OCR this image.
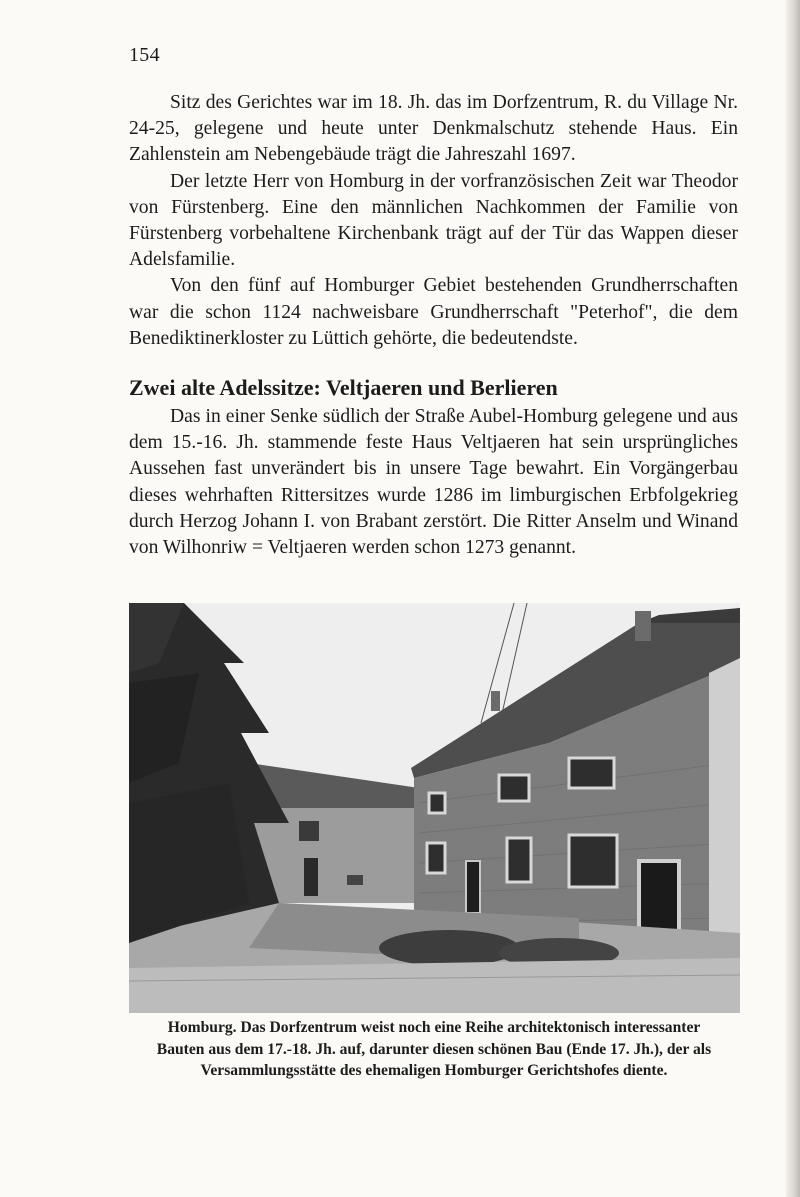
154

Sitz des Gerichtes war im 18. Jh. das im Dorfzentrum, R. du Village Nr. 24-25, gelegene und heute unter Denkmalschutz stehende Haus. Ein Zahlenstein am Nebengebäude trägt die Jahreszahl 1697.

Der letzte Herr von Homburg in der vorfranzösischen Zeit war Theodor von Fürstenberg. Eine den männlichen Nachkommen der Familie von Fürstenberg vorbehaltene Kirchenbank trägt auf der Tür das Wappen dieser Adelsfamilie.

Von den fünf auf Homburger Gebiet bestehenden Grundherrschaften war die schon 1124 nachweisbare Grundherrschaft "Peterhof", die dem Benediktinerkloster zu Lüttich gehörte, die bedeutendste.

Zwei alte Adelssitze: Veltjaeren und Berlieren

Das in einer Senke südlich der Straße Aubel-Homburg gelegene und aus dem 15.-16. Jh. stammende feste Haus Veltjaeren hat sein ursprüngliches Aussehen fast unverändert bis in unsere Tage bewahrt. Ein Vorgängerbau dieses wehrhaften Rittersitzes wurde 1286 im limburgischen Erbfolgekrieg durch Herzog Johann I. von Brabant zerstört. Die Ritter Anselm und Winand von Wilhonriw = Veltjaeren werden schon 1273 genannt.

Homburg. Das Dorfzentrum weist noch eine Reihe architektonisch interessanter Bauten aus dem 17.-18. Jh. auf, darunter diesen schönen Bau (Ende 17. Jh.), der als Versammlungsstätte des ehemaligen Homburger Gerichtshofes diente.
